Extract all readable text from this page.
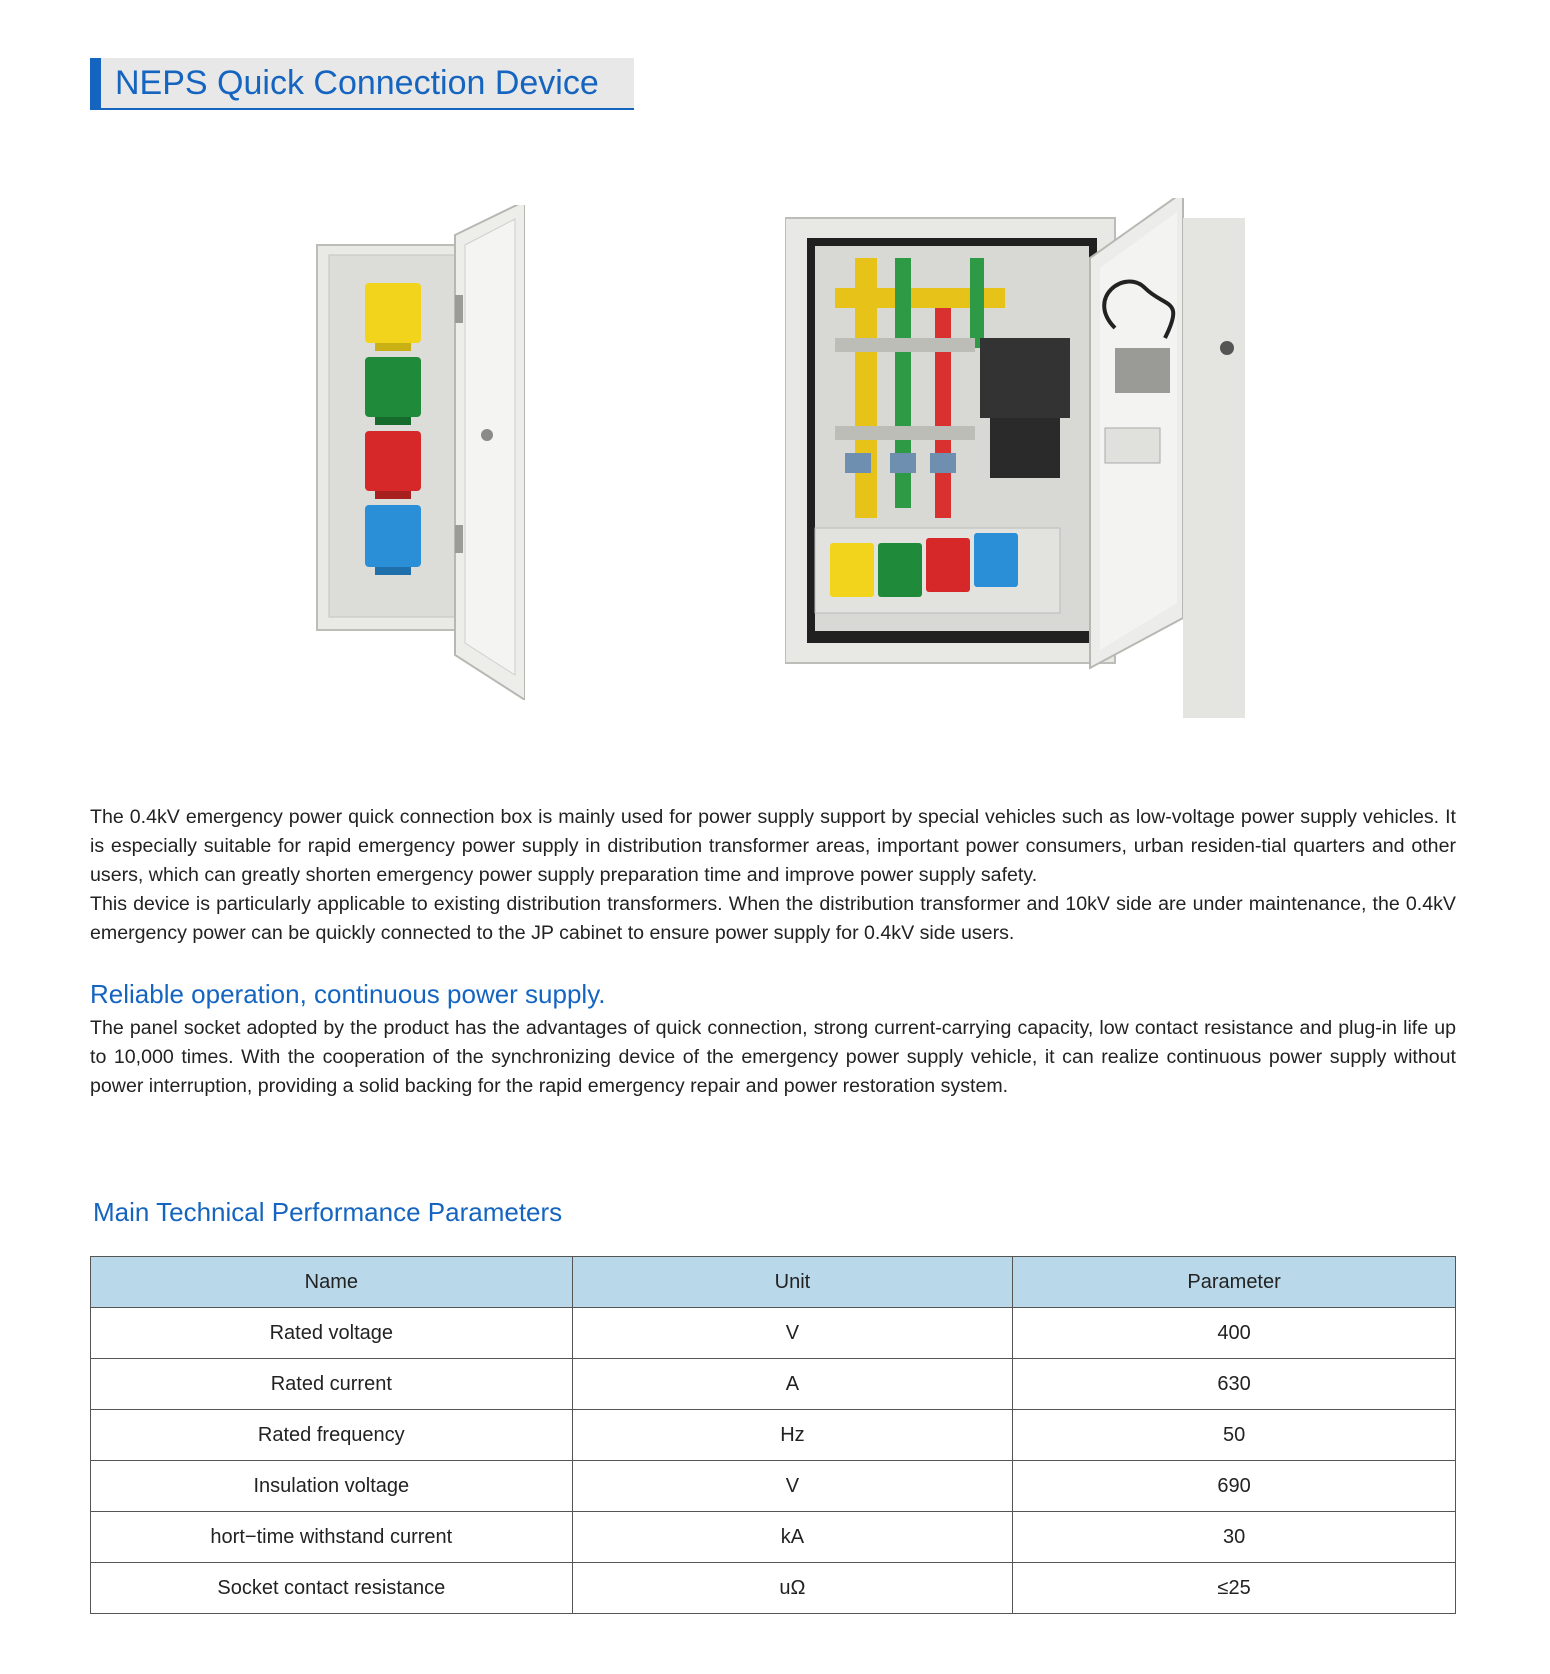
NEPS Quick Connection Device

The 0.4kV emergency power quick connection box is mainly used for power supply support by special vehicles such as low-voltage power supply vehicles. It is especially suitable for rapid emergency power supply in distribution transformer areas, important power consumers, urban residen-tial quarters and other users, which can greatly shorten emergency power supply preparation time and improve power supply safety.
This device is particularly applicable to existing distribution transformers. When the distribution transformer and 10kV side are under maintenance, the 0.4kV emergency power can be quickly connected to the JP cabinet to ensure power supply for 0.4kV side users.

Reliable operation, continuous power supply.

The panel socket adopted by the product has the advantages of quick connection, strong current-carrying capacity, low contact resistance and plug-in life up to 10,000 times. With the cooperation of the synchronizing device of the emergency power supply vehicle, it can realize continuous power supply without power interruption, providing a solid backing for the rapid emergency repair and power restoration system.

Main Technical Performance Parameters
Name	Unit	Parameter
Rated voltage	V	400
Rated current	A	630
Rated frequency	Hz	50
Insulation voltage	V	690
hort−time withstand current	kA	30
Socket contact resistance	uΩ	≤25
